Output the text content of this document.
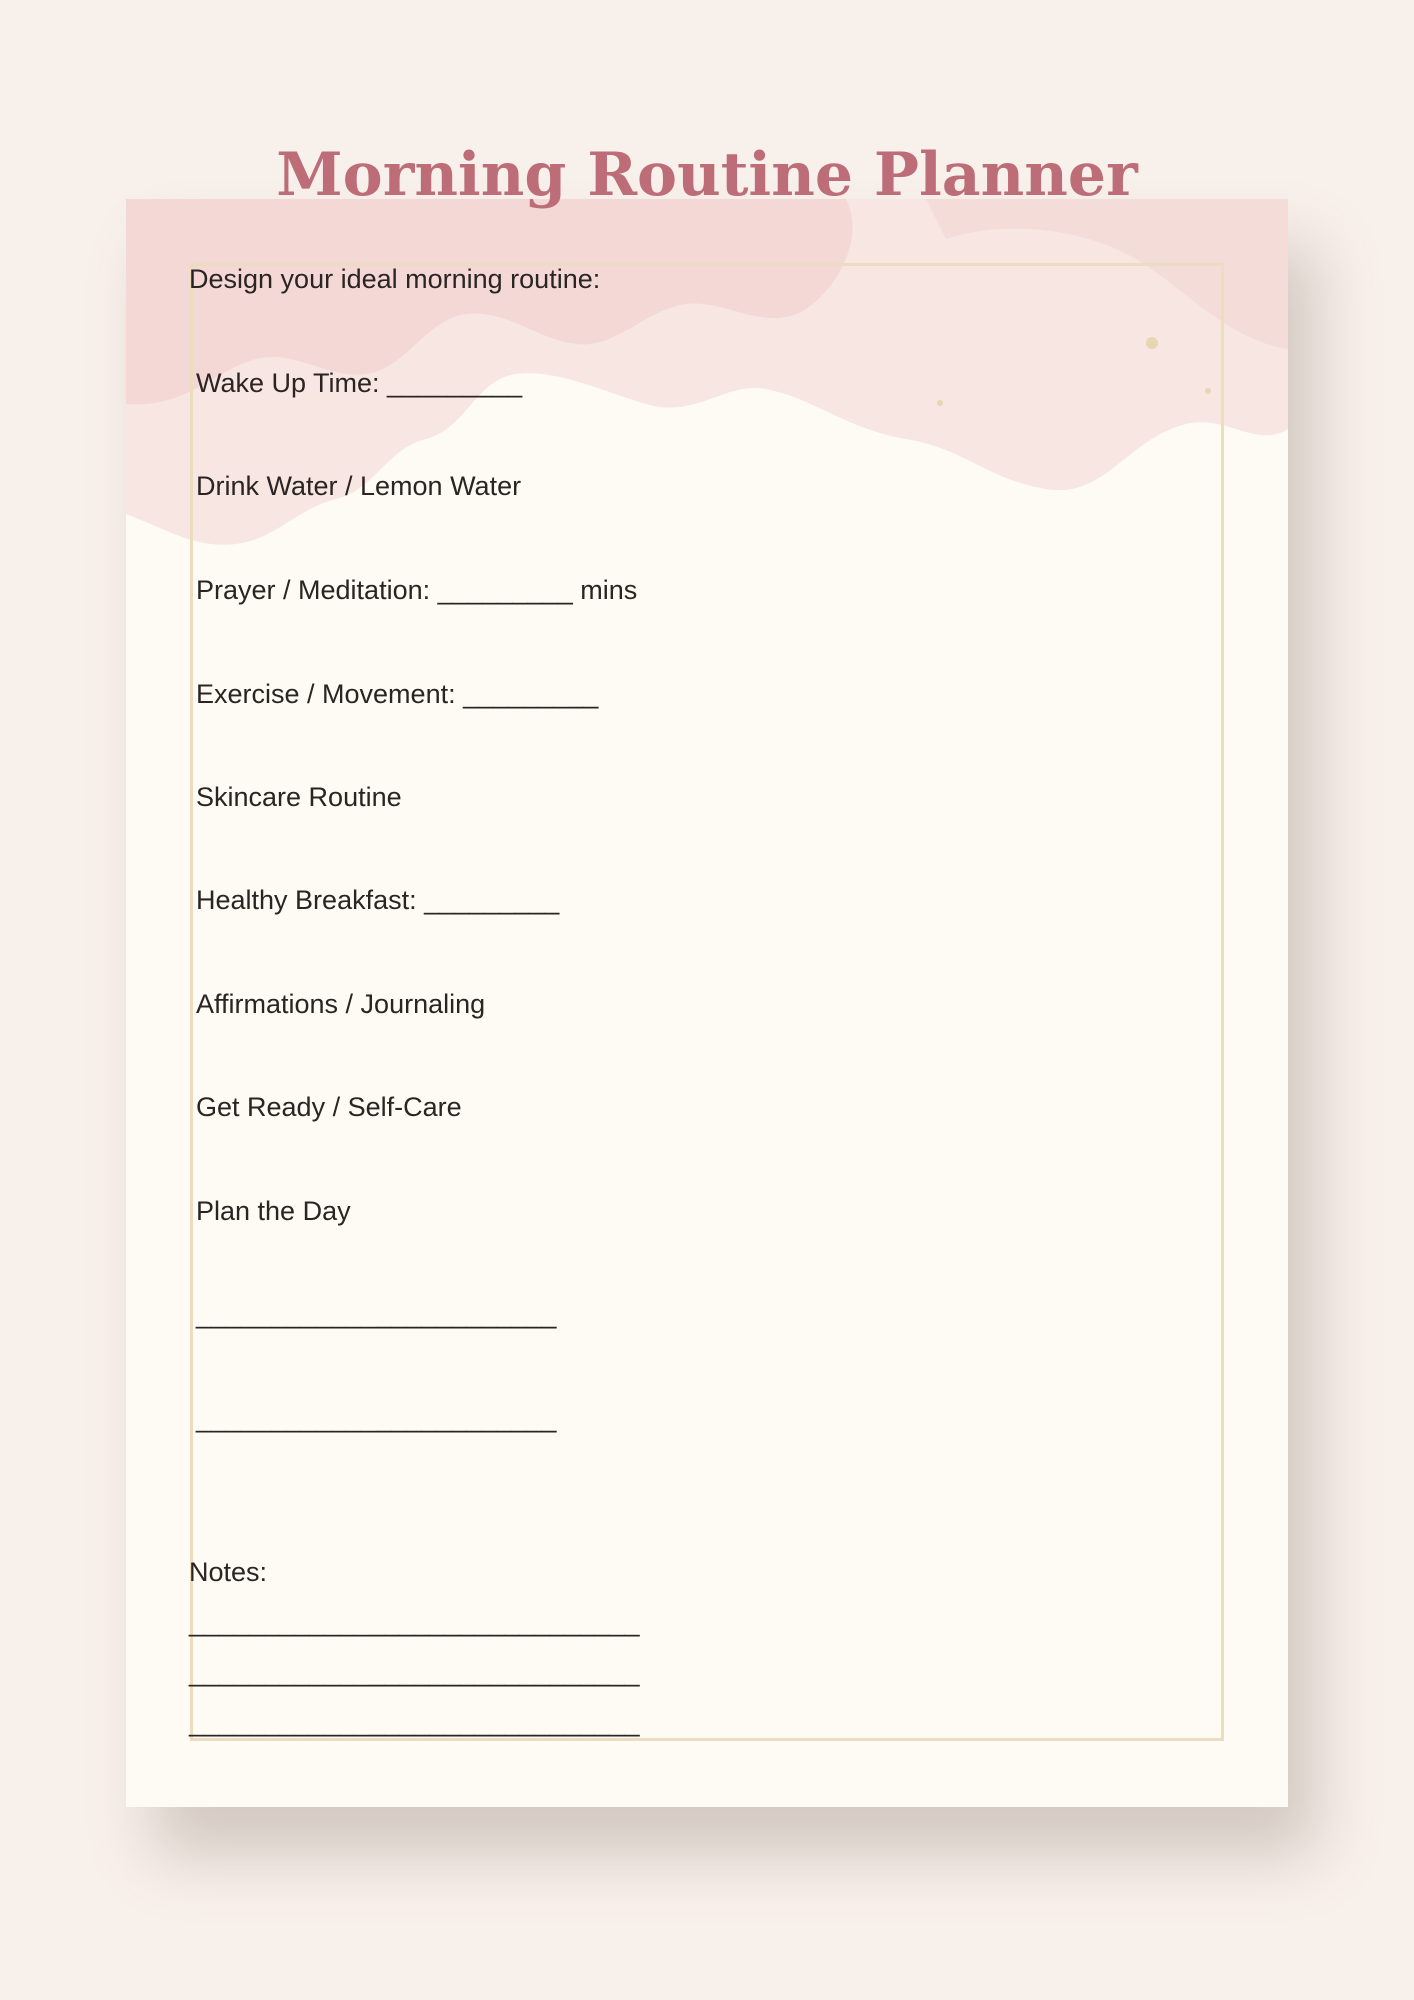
Morning Routine Planner
Design your ideal morning routine:
Wake Up Time: _________
Drink Water / Lemon Water
Prayer / Meditation: _________ mins
Exercise / Movement: _________
Skincare Routine
Healthy Breakfast: _________
Affirmations / Journaling
Get Ready / Self-Care
Plan the Day
________________________
________________________
Notes:
______________________________
______________________________
______________________________
